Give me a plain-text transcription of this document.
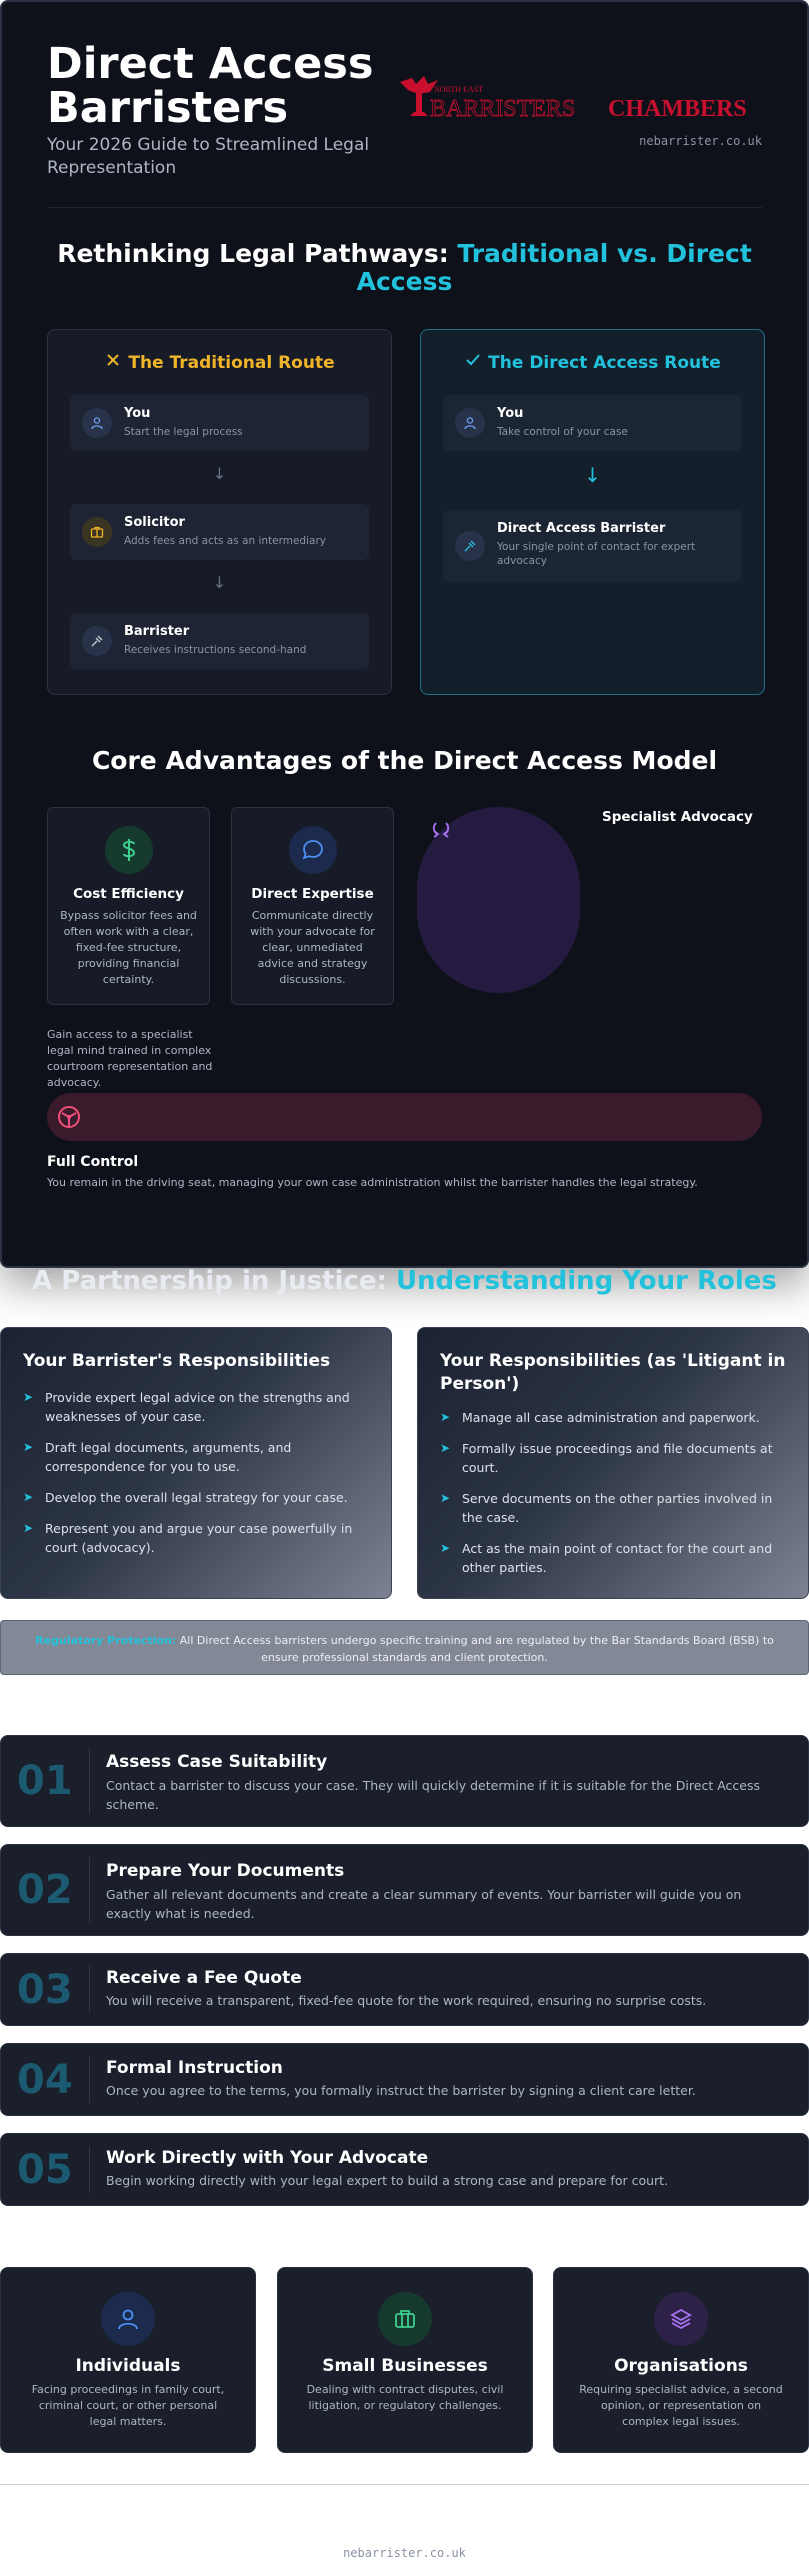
Direct Access Barristers
Your 2026 Guide to Streamlined Legal Representation
NORTH EAST
BARRISTERS CHAMBERS
nebarrister.co.uk
Rethinking Legal Pathways: Traditional vs. Direct Access
The Traditional Route
You
Start the legal process
↓
Solicitor
Adds fees and acts as an intermediary
↓
Barrister
Receives instructions second-hand
The Direct Access Route
You
Take control of your case
↓
Direct Access Barrister
Your single point of contact for expert advocacy
Core Advantages of the Direct Access Model
Cost Efficiency
Bypass solicitor fees and often work with a clear, fixed-fee structure, providing financial certainty.
Direct Expertise
Communicate directly with your advocate for clear, unmediated advice and strategy discussions.
Specialist Advocacy
Gain access to a specialist legal mind trained in complex courtroom representation and advocacy.
Full Control
You remain in the driving seat, managing your own case administration whilst the barrister handles the legal strategy.
A Partnership in Justice: Understanding Your Roles
Your Barrister's Responsibilities
➤ Provide expert legal advice on the strengths and weaknesses of your case.
➤ Draft legal documents, arguments, and correspondence for you to use.
➤ Develop the overall legal strategy for your case.
➤ Represent you and argue your case powerfully in court (advocacy).
Your Responsibilities (as 'Litigant in Person')
➤ Manage all case administration and paperwork.
➤ Formally issue proceedings and file documents at court.
➤ Serve documents on the other parties involved in the case.
➤ Act as the main point of contact for the court and other parties.
Regulatory Protection: All Direct Access barristers undergo specific training and are regulated by the Bar Standards Board (BSB) to ensure professional standards and client protection.
01 Assess Case Suitability
Contact a barrister to discuss your case. They will quickly determine if it is suitable for the Direct Access scheme.
02 Prepare Your Documents
Gather all relevant documents and create a clear summary of events. Your barrister will guide you on exactly what is needed.
03 Receive a Fee Quote
You will receive a transparent, fixed-fee quote for the work required, ensuring no surprise costs.
04 Formal Instruction
Once you agree to the terms, you formally instruct the barrister by signing a client care letter.
05 Work Directly with Your Advocate
Begin working directly with your legal expert to build a strong case and prepare for court.
Individuals
Facing proceedings in family court, criminal court, or other personal legal matters.
Small Businesses
Dealing with contract disputes, civil litigation, or regulatory challenges.
Organisations
Requiring specialist advice, a second opinion, or representation on complex legal issues.
nebarrister.co.uk
